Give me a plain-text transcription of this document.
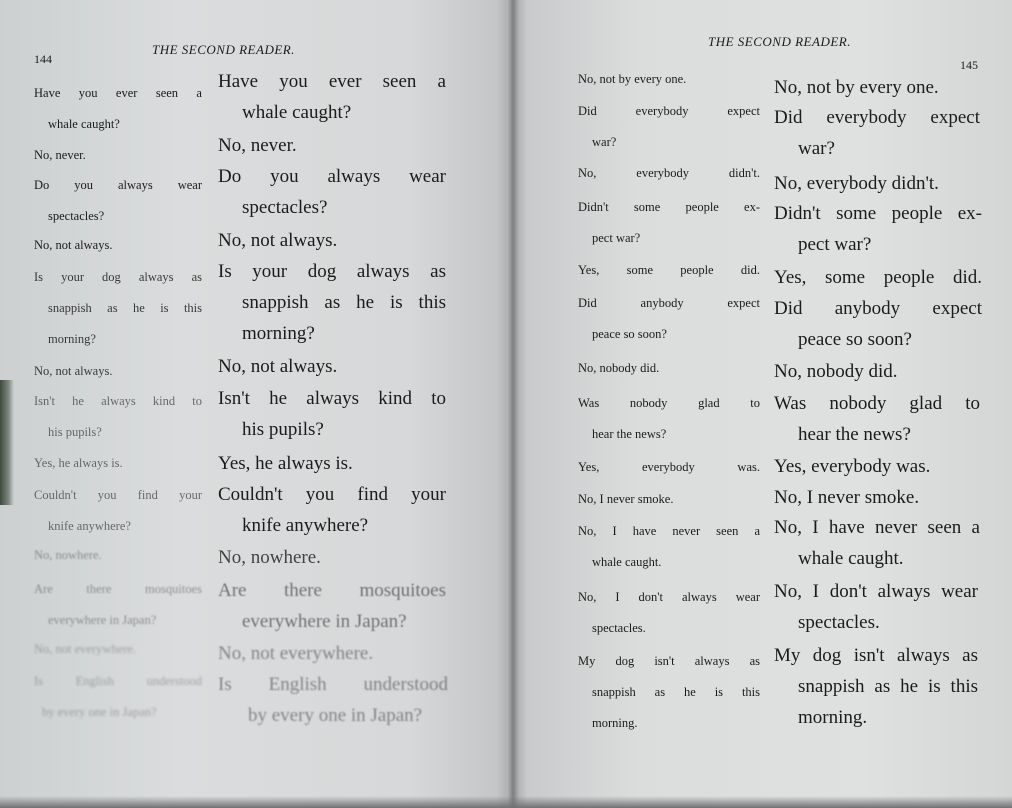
THE SECOND READER.
144
Have you ever seen a
whale caught?
Have you ever seen a
whale caught?
No, never.	No, never.
Do you always wear
spectacles?
Do you always wear
spectacles?
No, not always.	No, not always.
Is your dog always as
snappish as he is this
morning?
Is your dog always as
snappish as he is this
morning?
No, not always.	No, not always.
Isn't he always kind to
his pupils?
Isn't he always kind to
his pupils?
Yes, he always is.	Yes, he always is.
Couldn't you find your
knife anywhere?
Couldn't you find your
knife anywhere?
No, nowhere.	No, nowhere.
Are there mosquitoes
everywhere in Japan?
Are there mosquitoes
everywhere in Japan?
No, not everywhere.	No, not everywhere.
Is English understood
by every one in Japan?
Is English understood
by every one in Japan?
THE SECOND READER.
145
No, not by every one.	No, not by every one.
Did everybody expect
war?
Did everybody expect
war?
No, everybody didn't. No, everybody didn't.
Didn't some people ex-
pect war?
Didn't some people ex-
pect war?
Yes, some people did. Yes, some people did.
Did anybody expect
peace so soon?
Did anybody expect
peace so soon?
No, nobody did.	No, nobody did.
Was nobody glad to
hear the news?
Was nobody glad to
hear the news?
Yes, everybody was. Yes, everybody was.
No, I never smoke.	No, I never smoke.
No, I have never seen a
whale caught.
No, I have never seen a
whale caught.
No, I don't always wear
spectacles.
No, I don't always wear
spectacles.
My dog isn't always as
snappish as he is this
morning.
My dog isn't always as
snappish as he is this
morning.
